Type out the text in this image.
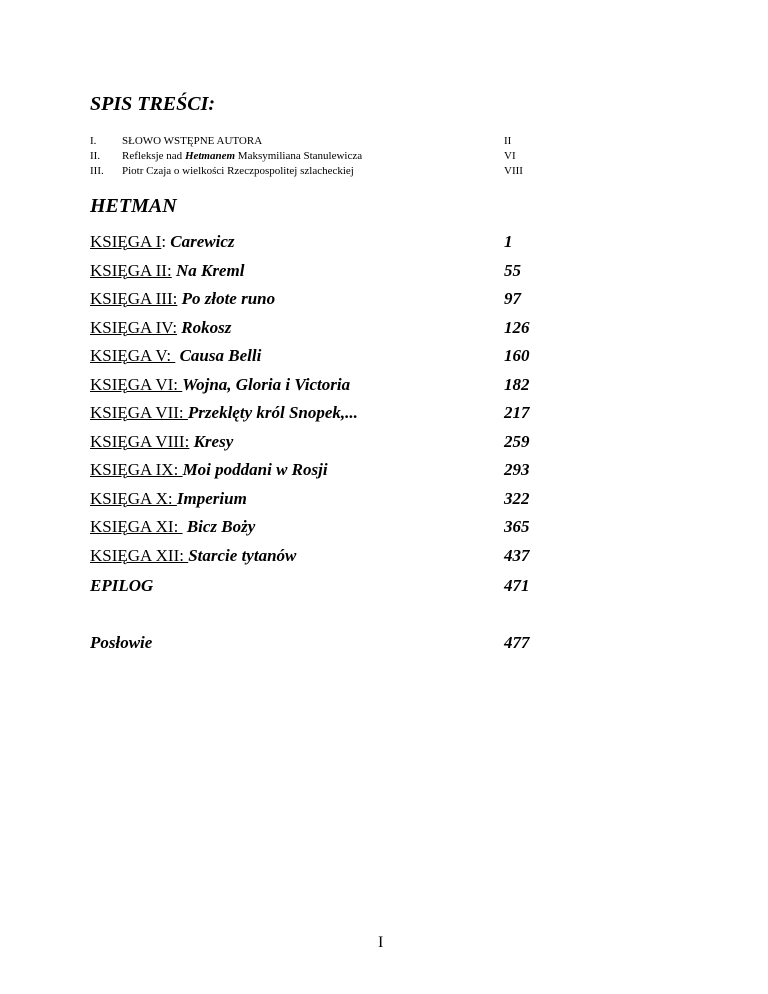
SPIS TREŚCI:
I. SŁOWO WSTĘPNE AUTORA	II
II. Refleksje nad Hetmanem Maksymiliana Stanulewicza	VI
III. Piotr Czaja o wielkości Rzeczpospolitej szlacheckiej	VIII
HETMAN
KSIĘGA I: Carewicz	1
KSIĘGA II: Na Kreml	55
KSIĘGA III: Po złote runo	97
KSIĘGA IV: Rokosz	126
KSIĘGA V:  Causa Belli	160
KSIĘGA VI: Wojna, Gloria i Victoria	182
KSIĘGA VII: Przeklęty król Snopek,...	217
KSIĘGA VIII: Kresy	259
KSIĘGA IX: Moi poddani w Rosji	293
KSIĘGA X: Imperium	322
KSIĘGA XI:  Bicz Boży	365
KSIĘGA XII: Starcie tytanów	437
EPILOG	471
Posłowie	477
I
